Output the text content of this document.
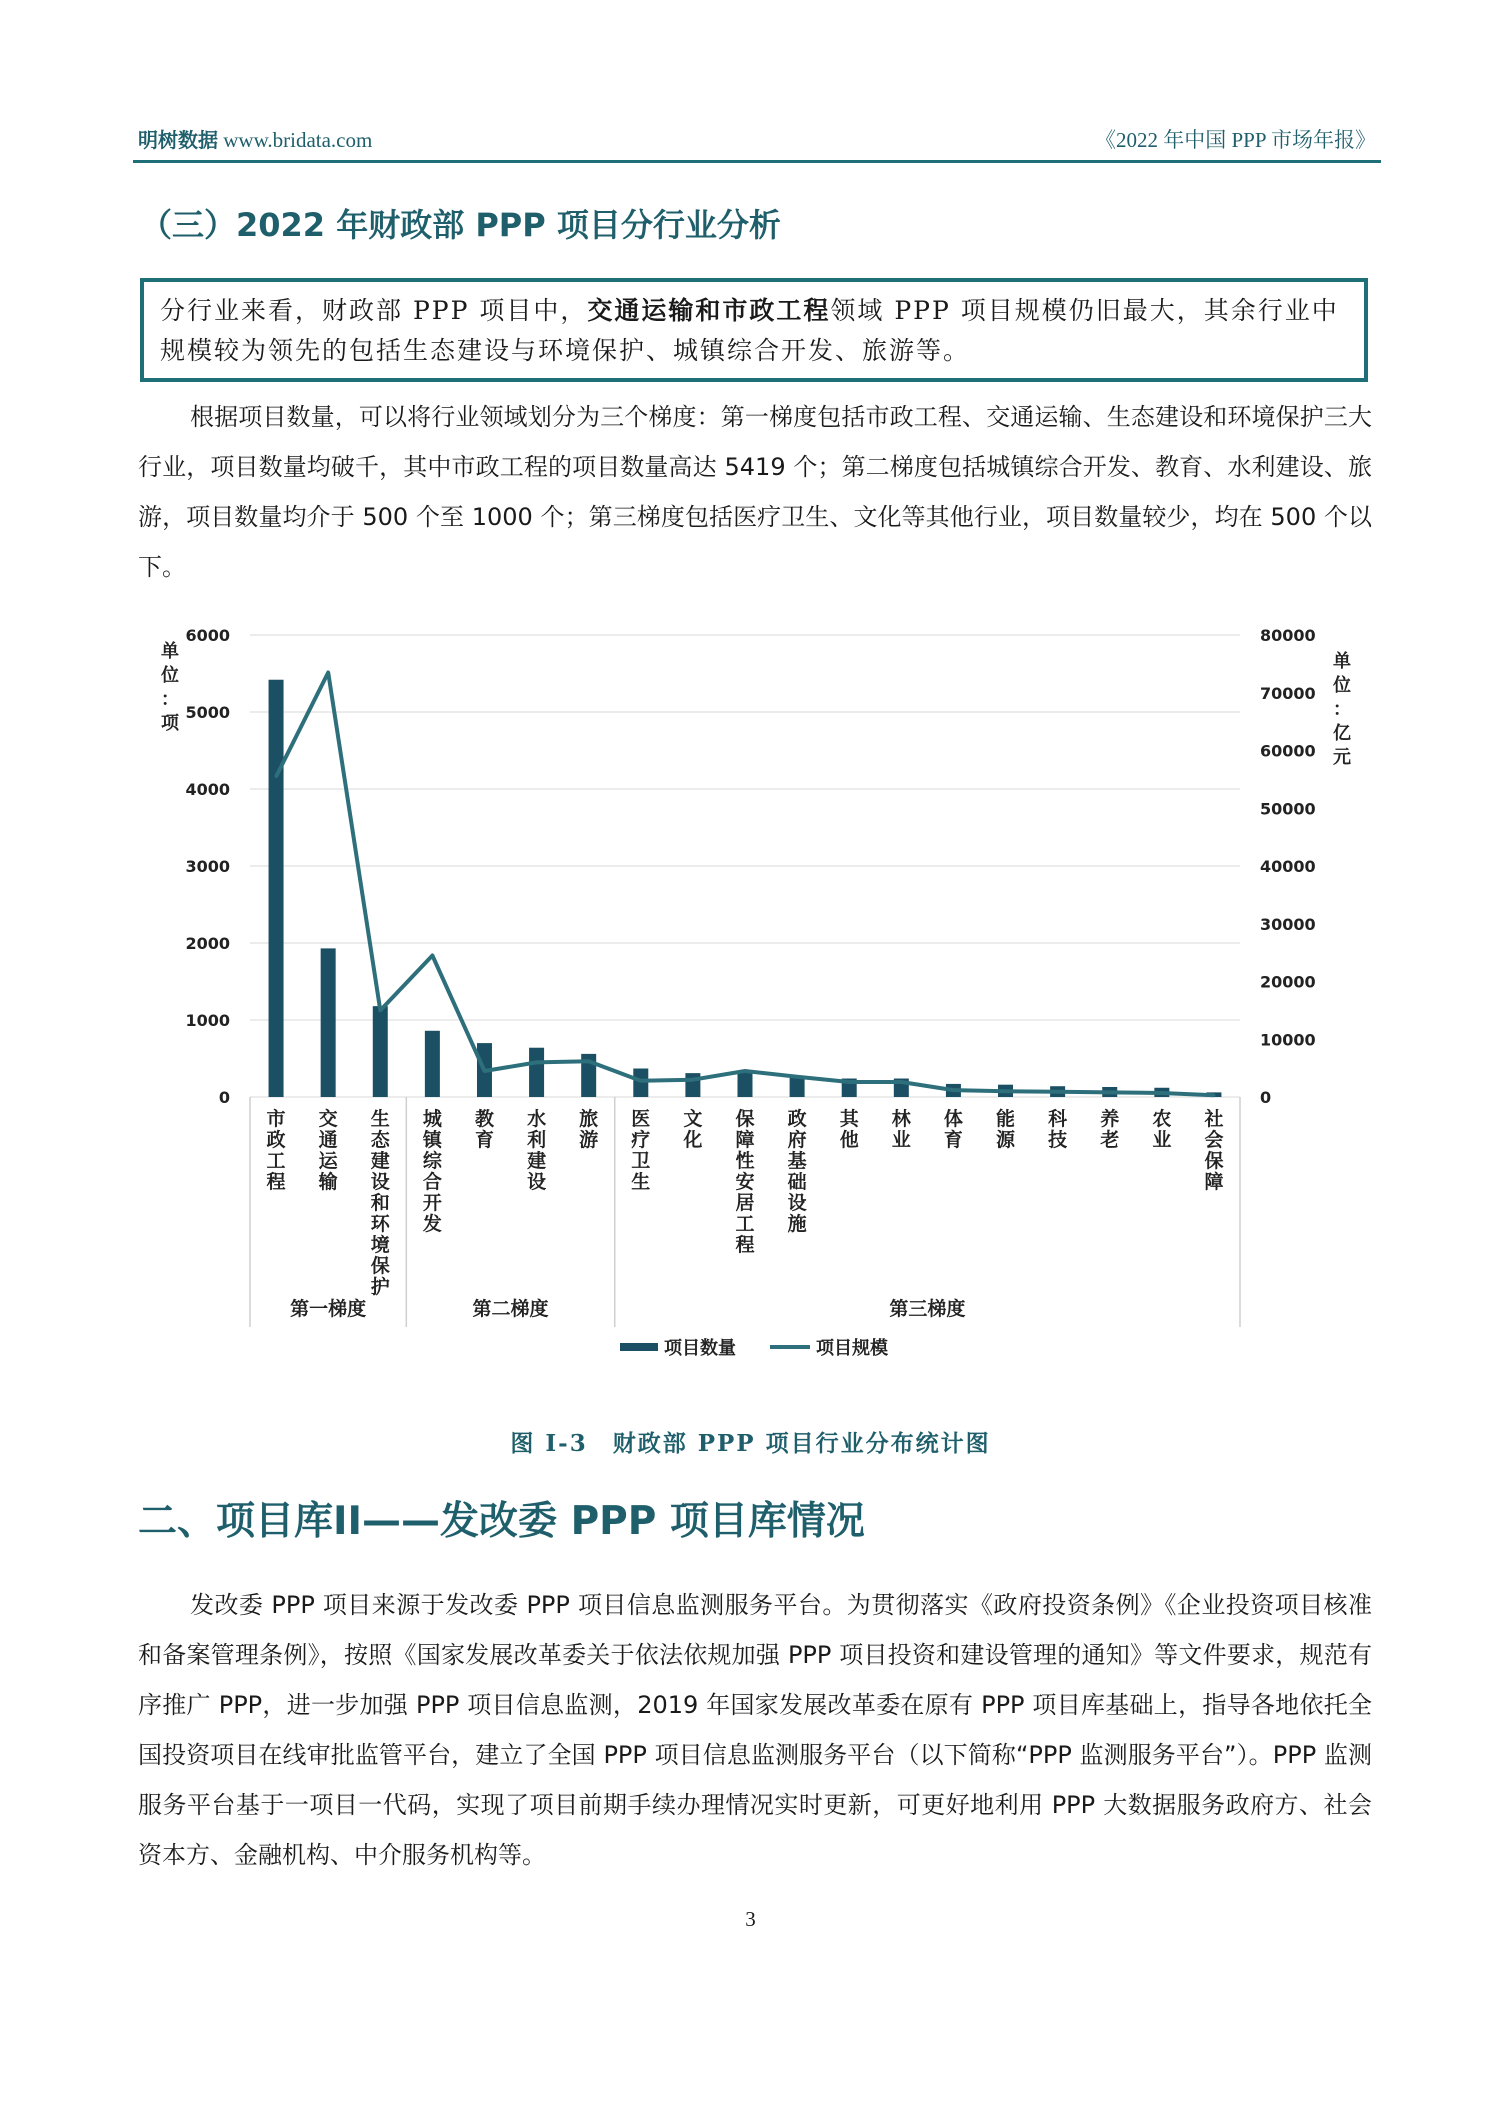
明树数据 www.bridata.com	《2022 年中国 PPP 市场年报》
（三）2022 年财政部 PPP 项目分行业分析
分行业来看，财政部 PPP 项目中，交通运输和市政工程领域 PPP 项目规模仍旧最大，其余行业中规模较为领先的包括生态建设与环境保护、城镇综合开发、旅游等。
根据项目数量，可以将行业领域划分为三个梯度：第一梯度包括市政工程、交通运输、生态建设和环境保护三大行业，项目数量均破千，其中市政工程的项目数量高达 5419 个；第二梯度包括城镇综合开发、教育、水利建设、旅游，项目数量均介于 500 个至 1000 个；第三梯度包括医疗卫生、文化等其他行业，项目数量较少，均在 500 个以下。
0
1000
2000
3000
4000
5000
6000
0
10000
20000
30000
40000
50000
60000
70000
80000
单
位
：
项
单
位
：
亿
元
市
政
工
程
交
通
运
输
生
态
建
设
和
环
境
保
护
城
镇
综
合
开
发
教
育
水
利
建
设
旅
游
医
疗
卫
生
文
化
保
障
性
安
居
工
程
政
府
基
础
设
施
其
他
林
业
体
育
能
源
科
技
养
老
农
业
社
会
保
障
第一梯度	第二梯度	第三梯度
项目数量	项目规模
图 I-3　财政部 PPP 项目行业分布统计图
二、项目库II——发改委 PPP 项目库情况
发改委 PPP 项目来源于发改委 PPP 项目信息监测服务平台。为贯彻落实《政府投资条例》《企业投资项目核准和备案管理条例》，按照《国家发展改革委关于依法依规加强 PPP 项目投资和建设管理的通知》等文件要求，规范有序推广 PPP，进一步加强 PPP 项目信息监测，2019 年国家发展改革委在原有 PPP 项目库基础上，指导各地依托全国投资项目在线审批监管平台，建立了全国 PPP 项目信息监测服务平台（以下简称“PPP 监测服务平台”）。PPP 监测服务平台基于一项目一代码，实现了项目前期手续办理情况实时更新，可更好地利用 PPP 大数据服务政府方、社会资本方、金融机构、中介服务机构等。
3
